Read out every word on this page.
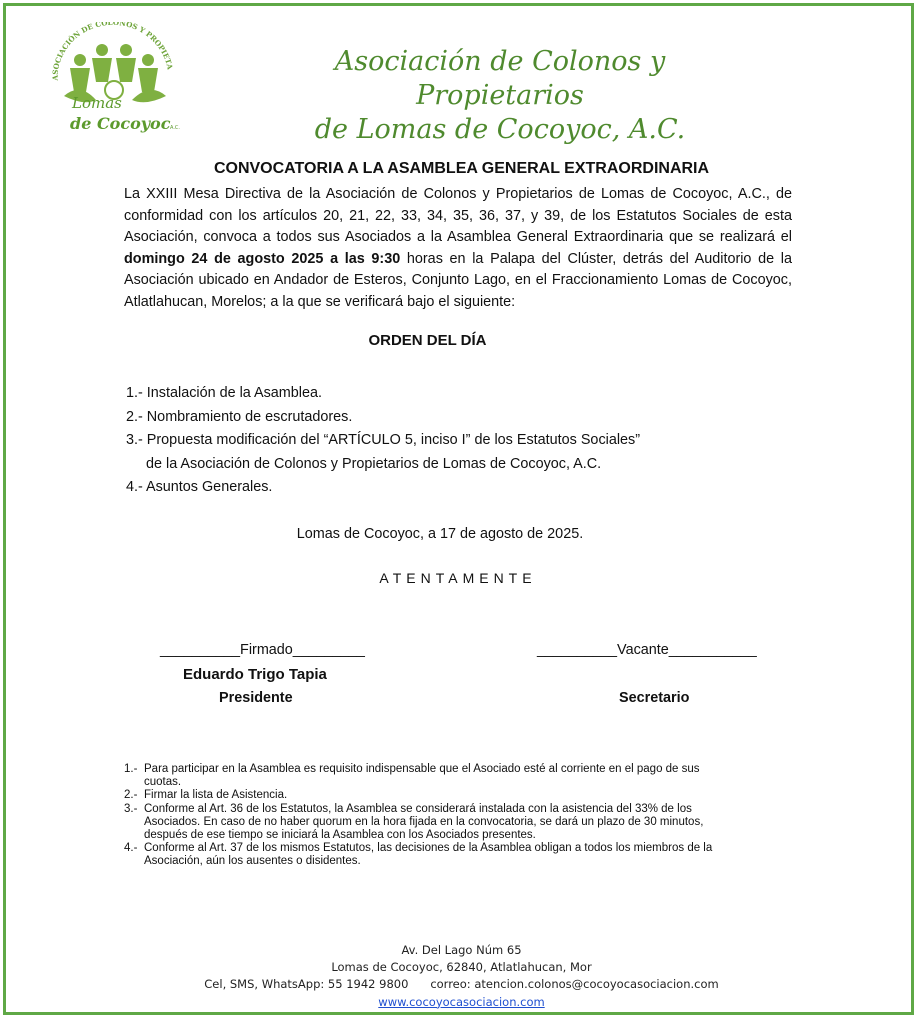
ASOCIACIÓN DE COLONOS Y PROPIETA
Lomas
de Cocoyoc A.C.
Asociación de Colonos y Propietarios
de Lomas de Cocoyoc, A.C.
CONVOCATORIA A LA ASAMBLEA GENERAL EXTRAORDINARIA
La XXIII Mesa Directiva de la Asociación de Colonos y Propietarios de Lomas de Cocoyoc, A.C., de conformidad con los artículos 20, 21, 22, 33, 34, 35, 36, 37, y 39, de los Estatutos Sociales de esta Asociación, convoca a todos sus Asociados a la Asamblea General Extraordinaria que se realizará el domingo 24 de agosto 2025 a las 9:30 horas en la Palapa del Clúster, detrás del Auditorio de la Asociación ubicado en Andador de Esteros, Conjunto Lago, en el Fraccionamiento Lomas de Cocoyoc, Atlatlahucan, Morelos; a la que se verificará bajo el siguiente:
ORDEN DEL DÍA
1.- Instalación de la Asamblea.
2.- Nombramiento de escrutadores.
3.- Propuesta modificación del “ARTÍCULO 5, inciso I” de los Estatutos Sociales”
de la Asociación de Colonos y Propietarios de Lomas de Cocoyoc, A.C.
4.- Asuntos Generales.
Lomas de Cocoyoc, a 17 de agosto de 2025.
ATENTAMENTE
__________Firmado_________
Eduardo Trigo Tapia
Presidente
__________Vacante___________
Secretario
1.- Para participar en la Asamblea es requisito indispensable que el Asociado esté al corriente en el pago de sus cuotas.
2.- Firmar la lista de Asistencia.
3.- Conforme al Art. 36 de los Estatutos, la Asamblea se considerará instalada con la asistencia del 33% de los Asociados. En caso de no haber quorum en la hora fijada en la convocatoria, se dará un plazo de 30 minutos, después de ese tiempo se iniciará la Asamblea con los Asociados presentes.
4.- Conforme al Art. 37 de los mismos Estatutos, las decisiones de la Asamblea obligan a todos los miembros de la Asociación, aún los ausentes o disidentes.
Av. Del Lago Núm 65
Lomas de Cocoyoc, 62840, Atlatlahucan, Mor
Cel, SMS, WhatsApp: 55 1942 9800      correo: atencion.colonos@cocoyocasociacion.com
www.cocoyocasociacion.com
